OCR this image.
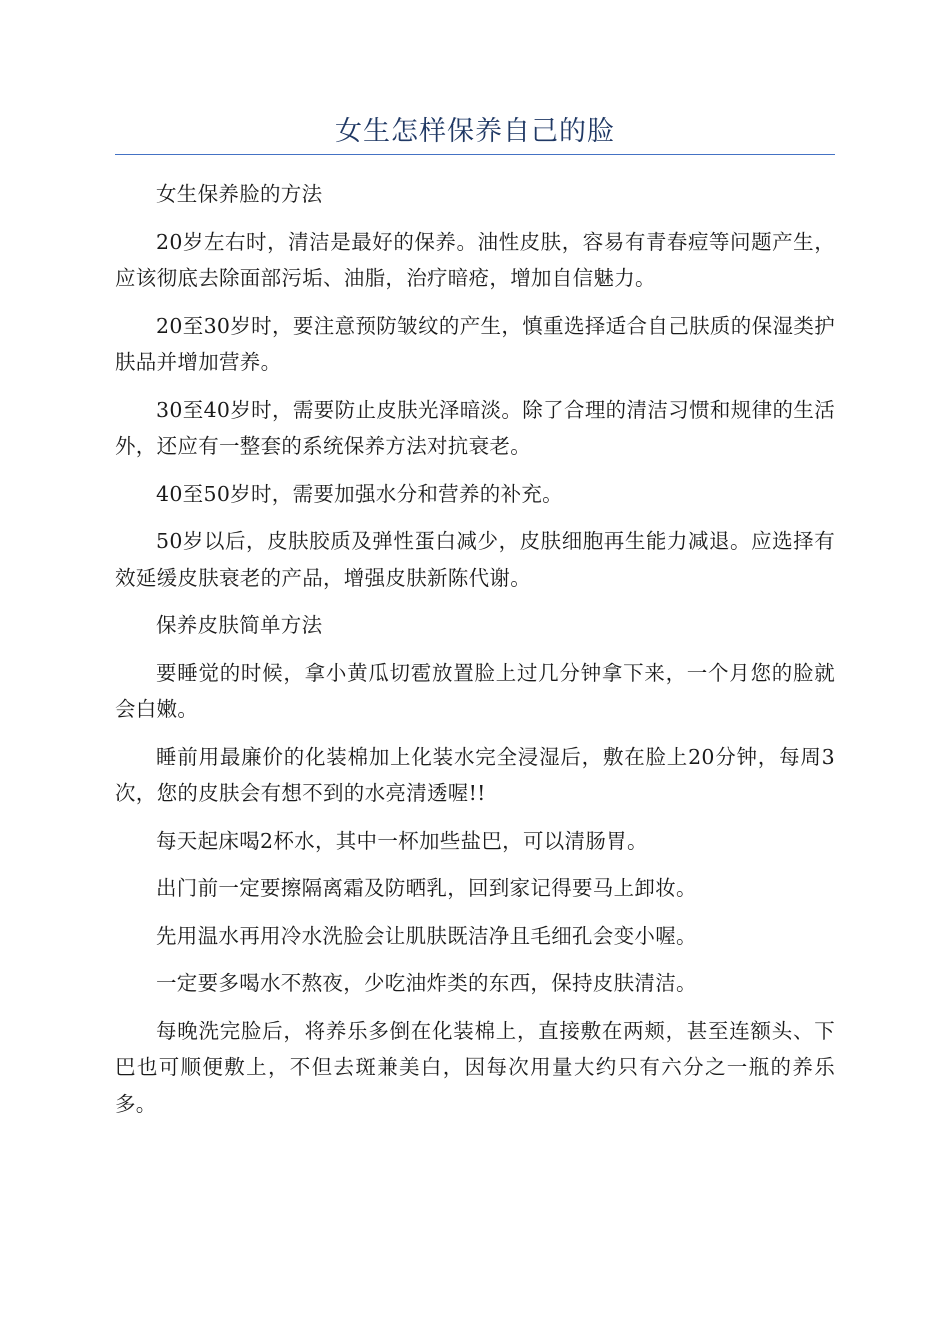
女生怎样保养自己的脸

女生保养脸的方法

20岁左右时，清洁是最好的保养。油性皮肤，容易有青春痘等问题产生，应该彻底去除面部污垢、油脂，治疗暗疮，增加自信魅力。

20至30岁时，要注意预防皱纹的产生，慎重选择适合自己肤质的保湿类护肤品并增加营养。

30至40岁时，需要防止皮肤光泽暗淡。除了合理的清洁习惯和规律的生活外，还应有一整套的系统保养方法对抗衰老。

40至50岁时，需要加强水分和营养的补充。

50岁以后，皮肤胶质及弹性蛋白减少，皮肤细胞再生能力减退。应选择有效延缓皮肤衰老的产品，增强皮肤新陈代谢。

保养皮肤简单方法

要睡觉的时候，拿小黄瓜切雹放置脸上过几分钟拿下来，一个月您的脸就会白嫩。

睡前用最廉价的化装棉加上化装水完全浸湿后，敷在脸上20分钟，每周3次，您的皮肤会有想不到的水亮清透喔!!

每天起床喝2杯水，其中一杯加些盐巴，可以清肠胃。

出门前一定要擦隔离霜及防晒乳，回到家记得要马上卸妆。

先用温水再用冷水洗脸会让肌肤既洁净且毛细孔会变小喔。

一定要多喝水不熬夜，少吃油炸类的东西，保持皮肤清洁。

每晚洗完脸后，将养乐多倒在化装棉上，直接敷在两颊，甚至连额头、下巴也可顺便敷上，不但去斑兼美白，因每次用量大约只有六分之一瓶的养乐多。
